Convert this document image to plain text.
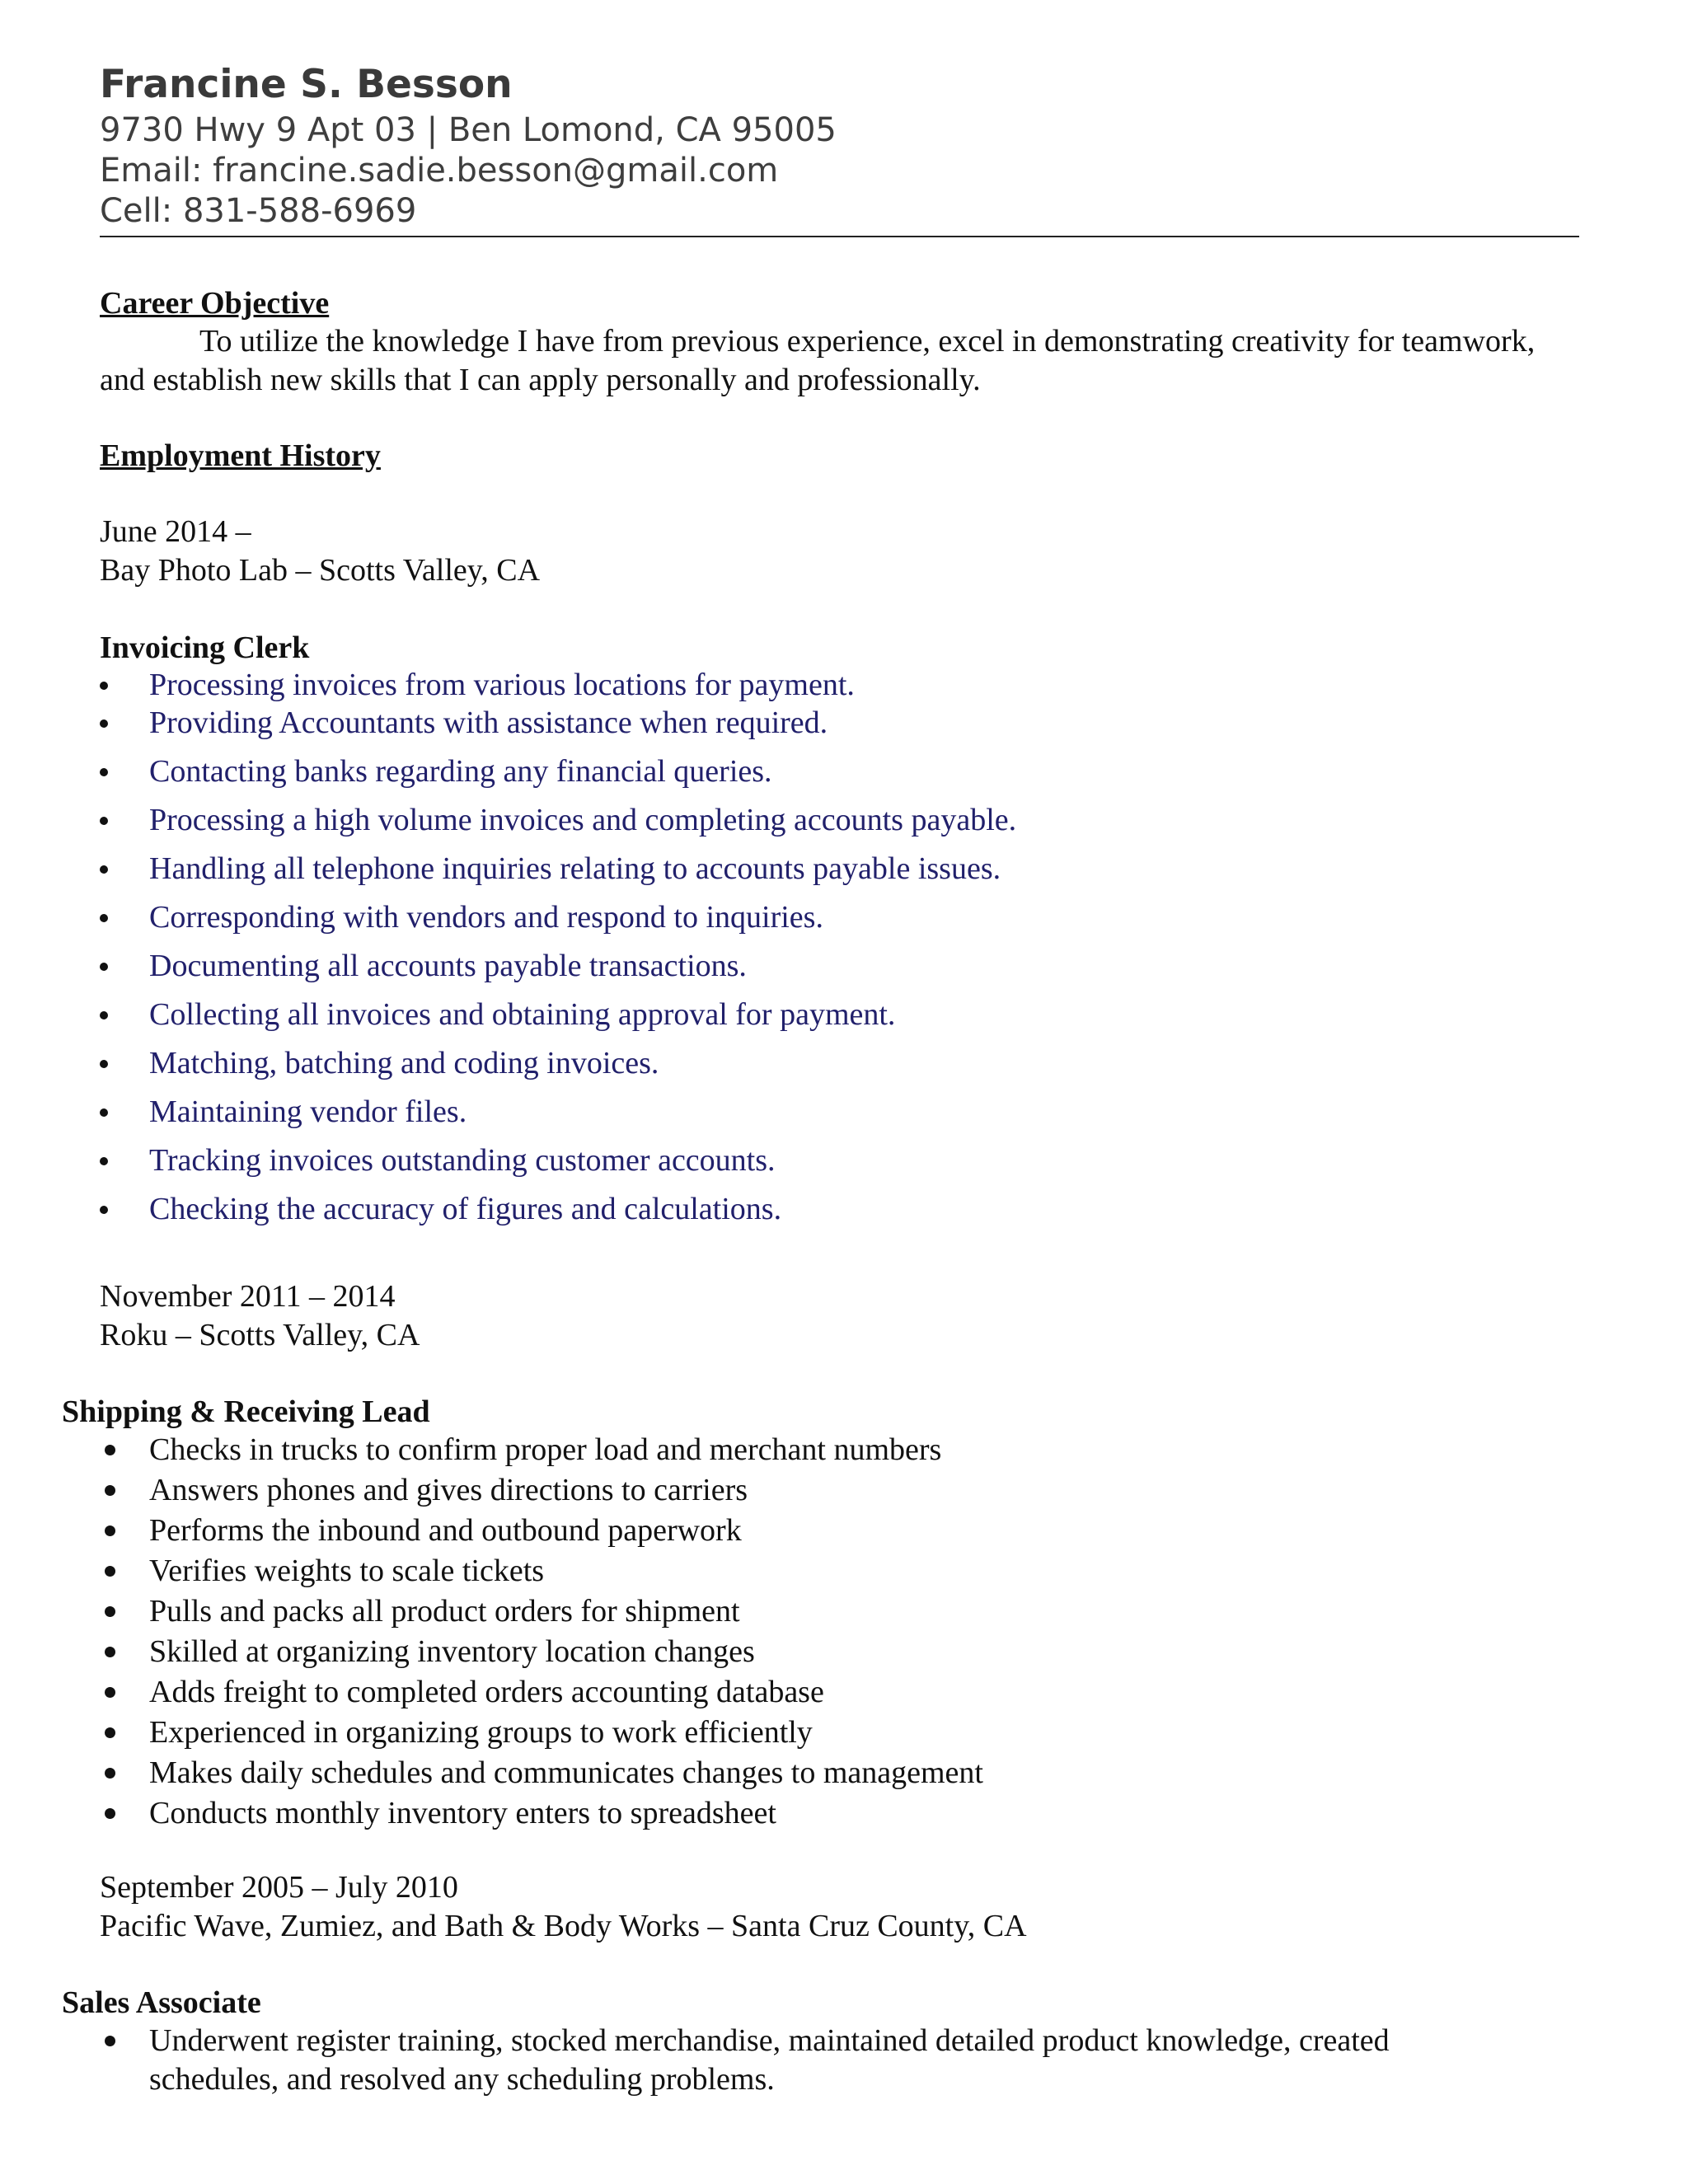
Francine S. Besson
9730 Hwy 9 Apt 03 | Ben Lomond, CA 95005
Email: francine.sadie.besson@gmail.com
Cell: 831-588-6969
Career Objective
To utilize the knowledge I have from previous experience, excel in demonstrating creativity for teamwork, and establish new skills that I can apply personally and professionally.
Employment History
June 2014 –
Bay Photo Lab – Scotts Valley, CA
Invoicing Clerk
Processing invoices from various locations for payment.
Providing Accountants with assistance when required.
Contacting banks regarding any financial queries.
Processing a high volume invoices and completing accounts payable.
Handling all telephone inquiries relating to accounts payable issues.
Corresponding with vendors and respond to inquiries.
Documenting all accounts payable transactions.
Collecting all invoices and obtaining approval for payment.
Matching, batching and coding invoices.
Maintaining vendor files.
Tracking invoices outstanding customer accounts.
Checking the accuracy of figures and calculations.
November 2011 – 2014
Roku – Scotts Valley, CA
Shipping & Receiving Lead
Checks in trucks to confirm proper load and merchant numbers
Answers phones and gives directions to carriers
Performs the inbound and outbound paperwork
Verifies weights to scale tickets
Pulls and packs all product orders for shipment
Skilled at organizing inventory location changes
Adds freight to completed orders accounting database
Experienced in organizing groups to work efficiently
Makes daily schedules and communicates changes to management
Conducts monthly inventory enters to spreadsheet
September 2005 – July 2010
Pacific Wave, Zumiez, and Bath & Body Works – Santa Cruz County, CA
Sales Associate
Underwent register training, stocked merchandise, maintained detailed product knowledge, created schedules, and resolved any scheduling problems.
